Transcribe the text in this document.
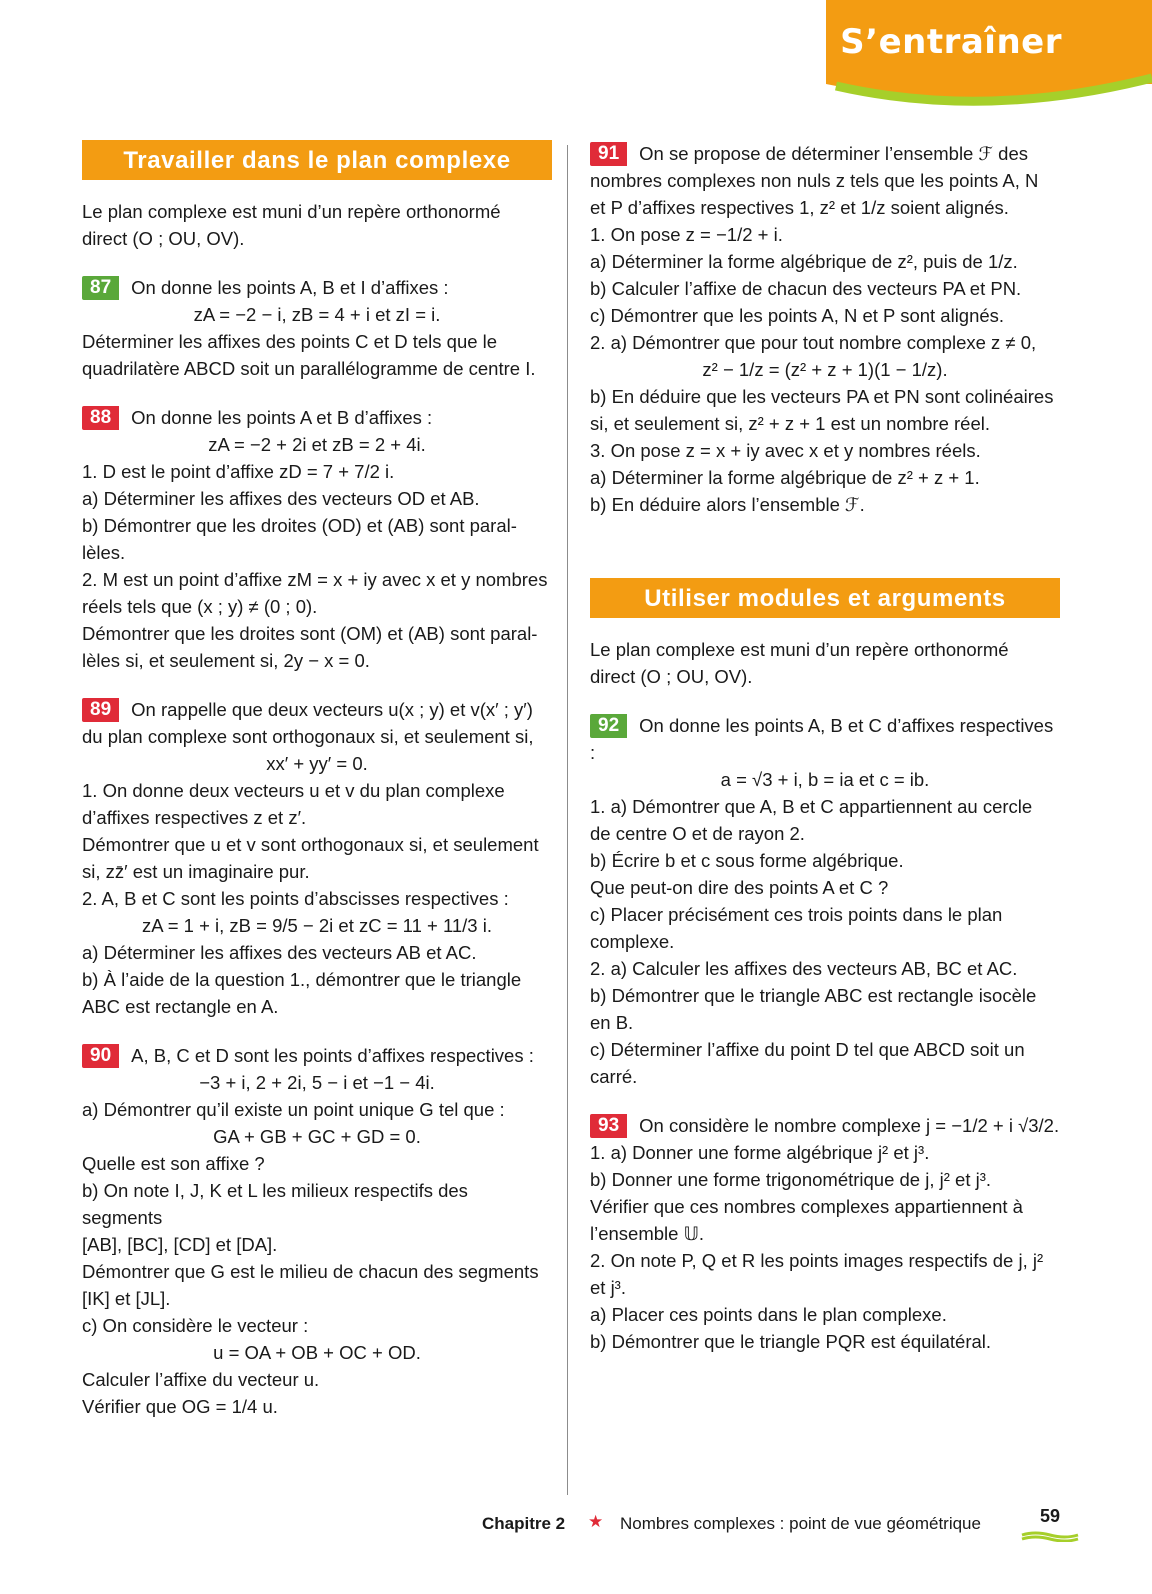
S’entraîner
Travailler dans le plan complexe

Le plan complexe est muni d’un repère orthonormé

direct (O ; OU, OV).

87 On donne les points A, B et I d’affixes :

zA = −2 − i, zB = 4 + i et zI = i.

Déterminer les affixes des points C et D tels que le

quadrilatère ABCD soit un parallélogramme de centre I.

88 On donne les points A et B d’affixes :

zA = −2 + 2i et zB = 2 + 4i.

1. D est le point d’affixe zD = 7 + 7/2 i.

a) Déterminer les affixes des vecteurs OD et AB.

b) Démontrer que les droites (OD) et (AB) sont paral-

lèles.

2. M est un point d’affixe zM = x + iy avec x et y nombres

réels tels que (x ; y) ≠ (0 ; 0).

Démontrer que les droites sont (OM) et (AB) sont paral-

lèles si, et seulement si, 2y − x = 0.

89 On rappelle que deux vecteurs u(x ; y) et v(x′ ; y′)

du plan complexe sont orthogonaux si, et seulement si,

xx′ + yy′ = 0.

1. On donne deux vecteurs u et v du plan complexe

d’affixes respectives z et z′.

Démontrer que u et v sont orthogonaux si, et seulement

si, zz̄′ est un imaginaire pur.

2. A, B et C sont les points d’abscisses respectives :

zA = 1 + i, zB = 9/5 − 2i et zC = 11 + 11/3 i.

a) Déterminer les affixes des vecteurs AB et AC.

b) À l’aide de la question 1., démontrer que le triangle

ABC est rectangle en A.

90 A, B, C et D sont les points d’affixes respectives :

−3 + i, 2 + 2i, 5 − i et −1 − 4i.

a) Démontrer qu’il existe un point unique G tel que :

GA + GB + GC + GD = 0.

Quelle est son affixe ?

b) On note I, J, K et L les milieux respectifs des segments

[AB], [BC], [CD] et [DA].

Démontrer que G est le milieu de chacun des segments

[IK] et [JL].

c) On considère le vecteur :

u = OA + OB + OC + OD.

Calculer l’affixe du vecteur u.

Vérifier que OG = 1/4 u.

91 On se propose de déterminer l’ensemble ℱ des

nombres complexes non nuls z tels que les points A, N

et P d’affixes respectives 1, z² et 1/z soient alignés.

1. On pose z = −1/2 + i.

a) Déterminer la forme algébrique de z², puis de 1/z.

b) Calculer l’affixe de chacun des vecteurs PA et PN.

c) Démontrer que les points A, N et P sont alignés.

2. a) Démontrer que pour tout nombre complexe z ≠ 0,

z² − 1/z = (z² + z + 1)(1 − 1/z).

b) En déduire que les vecteurs PA et PN sont colinéaires

si, et seulement si, z² + z + 1 est un nombre réel.

3. On pose z = x + iy avec x et y nombres réels.

a) Déterminer la forme algébrique de z² + z + 1.

b) En déduire alors l’ensemble ℱ.

Utiliser modules et arguments

Le plan complexe est muni d’un repère orthonormé

direct (O ; OU, OV).

92 On donne les points A, B et C d’affixes respectives :

a = √3 + i, b = ia et c = ib.

1. a) Démontrer que A, B et C appartiennent au cercle

de centre O et de rayon 2.

b) Écrire b et c sous forme algébrique.

Que peut-on dire des points A et C ?

c) Placer précisément ces trois points dans le plan

complexe.

2. a) Calculer les affixes des vecteurs AB, BC et AC.

b) Démontrer que le triangle ABC est rectangle isocèle

en B.

c) Déterminer l’affixe du point D tel que ABCD soit un

carré.

93 On considère le nombre complexe j = −1/2 + i √3/2.

1. a) Donner une forme algébrique j² et j³.

b) Donner une forme trigonométrique de j, j² et j³.

Vérifier que ces nombres complexes appartiennent à

l’ensemble 𝕌.

2. On note P, Q et R les points images respectifs de j, j²

et j³.

a) Placer ces points dans le plan complexe.

b) Démontrer que le triangle PQR est équilatéral.

Chapitre 2 ★ Nombres complexes : point de vue géométrique	59
